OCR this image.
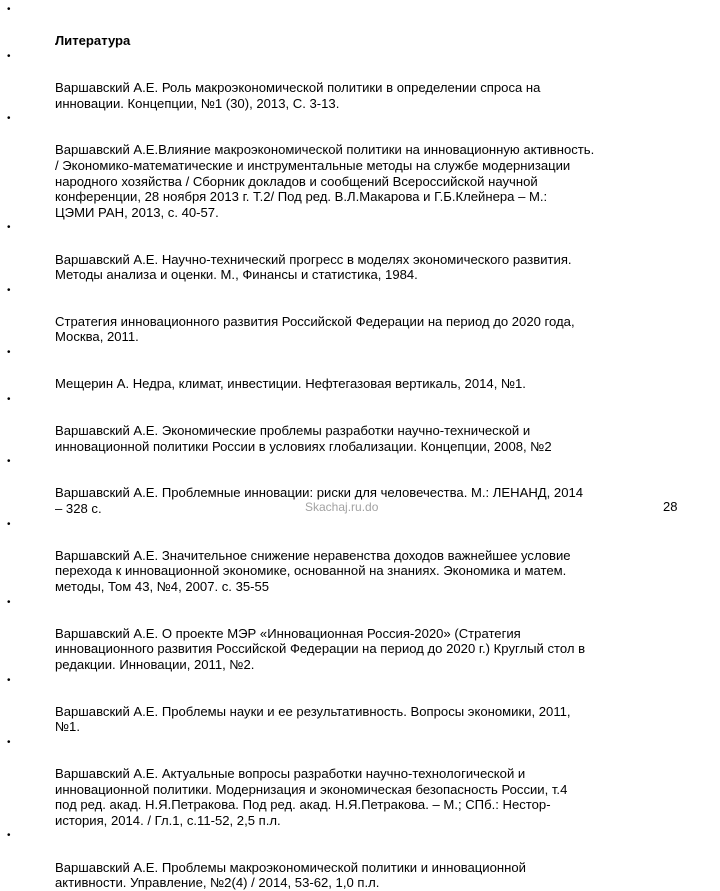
•

Литература

•

Варшавский А.Е. Роль макроэкономической политики в определении спроса на
инновации. Концепции, №1 (30), 2013, С. 3-13.

•

Варшавский А.Е.Влияние макроэкономической политики на инновационную активность.
/ Экономико-математические и инструментальные методы на службе модернизации
народного хозяйства / Сборник докладов и сообщений Всероссийской научной
конференции, 28 ноября 2013 г. Т.2/ Под ред. В.Л.Макарова и Г.Б.Клейнера – М.:
ЦЭМИ РАН, 2013, с. 40-57.

•

Варшавский А.Е. Научно-технический прогресс в моделях экономического развития.
Методы анализа и оценки. М., Финансы и статистика, 1984.

•

Стратегия инновационного развития Российской Федерации на период до 2020 года,
Москва, 2011.

•

Мещерин А. Недра, климат, инвестиции. Нефтегазовая вертикаль, 2014, №1.

•

Варшавский А.Е. Экономические проблемы разработки научно-технической и
инновационной политики России в условиях глобализации. Концепции, 2008, №2

•

Варшавский А.Е. Проблемные инновации: риски для человечества. М.: ЛЕНАНД, 2014
– 328 с.

•

Варшавский А.Е. Значительное снижение неравенства доходов важнейшее условие
перехода к инновационной экономике, основанной на знаниях. Экономика и матем.
методы, Том 43, №4, 2007. с. 35-55

•

Варшавский А.Е. О проекте МЭР «Инновационная Россия-2020» (Стратегия
инновационного развития Российской Федерации на период до 2020 г.) Круглый стол в
редакции. Инновации, 2011, №2.

•

Варшавский А.Е. Проблемы науки и ее результативность. Вопросы экономики, 2011,
№1.

•

Варшавский А.Е. Актуальные вопросы разработки научно-технологической и
инновационной политики. Модернизация и экономическая безопасность России, т.4
под ред. акад. Н.Я.Петракова. Под ред. акад. Н.Я.Петракова. – М.; СПб.: Нестор-
история, 2014. / Гл.1, с.11-52, 2,5 п.л.

•

Варшавский А.Е. Проблемы макроэкономической политики и инновационной
активности. Управление, №2(4) / 2014, 53-62, 1,0 п.л.

Skachaj.ru.do	28
